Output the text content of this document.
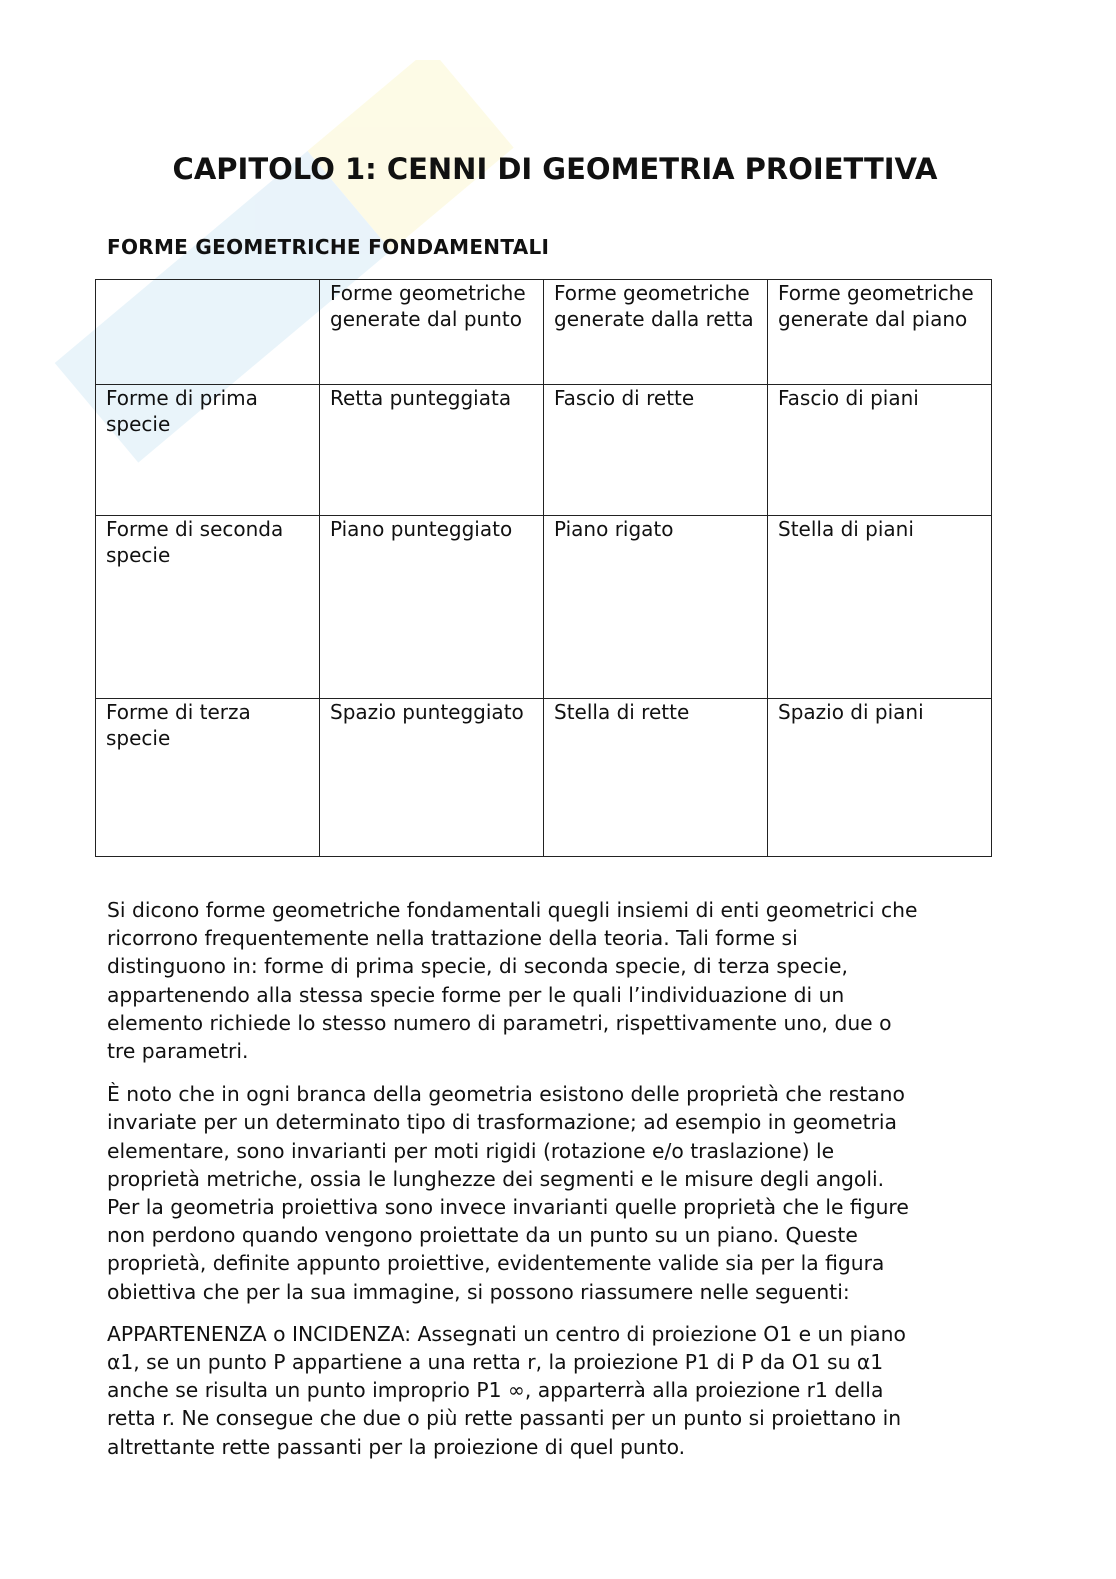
CAPITOLO 1: CENNI DI GEOMETRIA PROIETTIVA
FORME GEOMETRICHE FONDAMENTALI
	Forme geometriche generate dal punto	Forme geometriche generate dalla retta	Forme geometriche generate dal piano
Forme di prima specie	Retta punteggiata	Fascio di rette	Fascio di piani
Forme di seconda specie	Piano punteggiato	Piano rigato	Stella di piani
Forme di terza specie	Spazio punteggiato	Stella di rette	Spazio di piani
Si dicono forme geometriche fondamentali quegli insiemi di enti geometrici che
ricorrono frequentemente nella trattazione della teoria. Tali forme si
distinguono in: forme di prima specie, di seconda specie, di terza specie,
appartenendo alla stessa specie forme per le quali l’individuazione di un
elemento richiede lo stesso numero di parametri, rispettivamente uno, due o
tre parametri.
È noto che in ogni branca della geometria esistono delle proprietà che restano
invariate per un determinato tipo di trasformazione; ad esempio in geometria
elementare, sono invarianti per moti rigidi (rotazione e/o traslazione) le
proprietà metriche, ossia le lunghezze dei segmenti e le misure degli angoli.
Per la geometria proiettiva sono invece invarianti quelle proprietà che le figure
non perdono quando vengono proiettate da un punto su un piano. Queste
proprietà, definite appunto proiettive, evidentemente valide sia per la figura
obiettiva che per la sua immagine, si possono riassumere nelle seguenti:
APPARTENENZA o INCIDENZA: Assegnati un centro di proiezione O1 e un piano
α1, se un punto P appartiene a una retta r, la proiezione P1 di P da O1 su α1
anche se risulta un punto improprio P1 ∞, apparterrà alla proiezione r1 della
retta r. Ne consegue che due o più rette passanti per un punto si proiettano in
altrettante rette passanti per la proiezione di quel punto.
